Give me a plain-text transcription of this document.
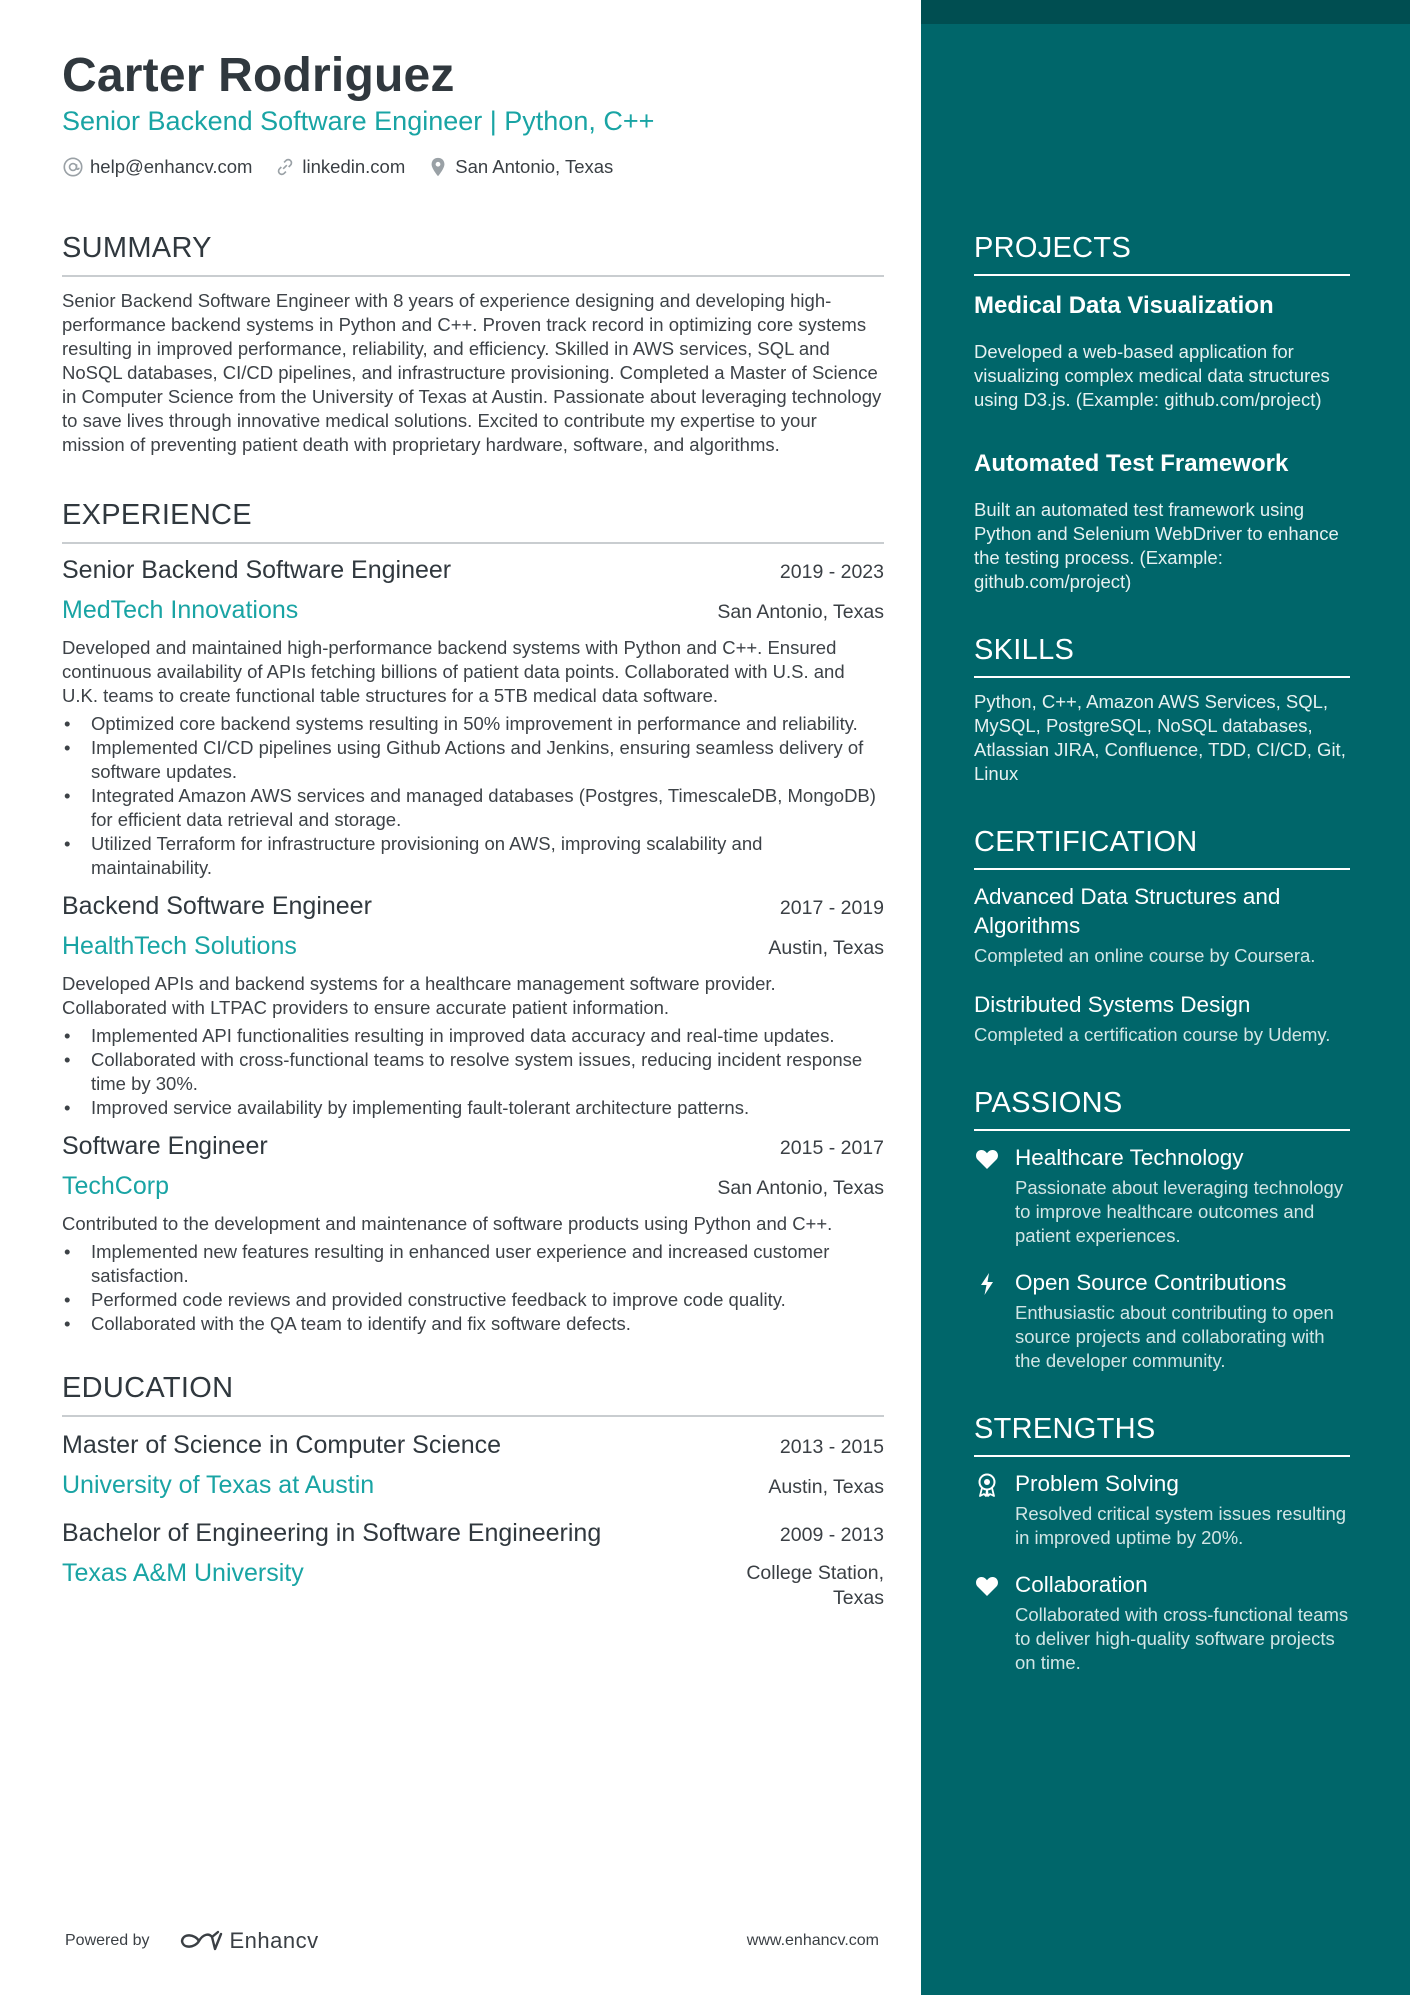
Carter Rodriguez
Senior Backend Software Engineer | Python, C++
help@enhancv.com	linkedin.com	San Antonio, Texas
SUMMARY
Senior Backend Software Engineer with 8 years of experience designing and developing high-performance backend systems in Python and C++. Proven track record in optimizing core systems resulting in improved performance, reliability, and efficiency. Skilled in AWS services, SQL and NoSQL databases, CI/CD pipelines, and infrastructure provisioning. Completed a Master of Science in Computer Science from the University of Texas at Austin. Passionate about leveraging technology to save lives through innovative medical solutions. Excited to contribute my expertise to your mission of preventing patient death with proprietary hardware, software, and algorithms.
EXPERIENCE
Senior Backend Software Engineer	2019 - 2023
MedTech Innovations	San Antonio, Texas
Developed and maintained high-performance backend systems with Python and C++. Ensured continuous availability of APIs fetching billions of patient data points. Collaborated with U.S. and U.K. teams to create functional table structures for a 5TB medical data software.
• Optimized core backend systems resulting in 50% improvement in performance and reliability.
• Implemented CI/CD pipelines using Github Actions and Jenkins, ensuring seamless delivery of software updates.
• Integrated Amazon AWS services and managed databases (Postgres, TimescaleDB, MongoDB) for efficient data retrieval and storage.
• Utilized Terraform for infrastructure provisioning on AWS, improving scalability and maintainability.
Backend Software Engineer	2017 - 2019
HealthTech Solutions	Austin, Texas
Developed APIs and backend systems for a healthcare management software provider. Collaborated with LTPAC providers to ensure accurate patient information.
• Implemented API functionalities resulting in improved data accuracy and real-time updates.
• Collaborated with cross-functional teams to resolve system issues, reducing incident response time by 30%.
• Improved service availability by implementing fault-tolerant architecture patterns.
Software Engineer	2015 - 2017
TechCorp	San Antonio, Texas
Contributed to the development and maintenance of software products using Python and C++.
• Implemented new features resulting in enhanced user experience and increased customer satisfaction.
• Performed code reviews and provided constructive feedback to improve code quality.
• Collaborated with the QA team to identify and fix software defects.
EDUCATION
Master of Science in Computer Science	2013 - 2015
University of Texas at Austin	Austin, Texas
Bachelor of Engineering in Software Engineering	2009 - 2013
Texas A&M University	College Station,
Texas
Powered by	Enhancv	www.enhancv.com
PROJECTS
Medical Data Visualization
Developed a web-based application for visualizing complex medical data structures using D3.js. (Example: github.com/project)
Automated Test Framework
Built an automated test framework using Python and Selenium WebDriver to enhance the testing process. (Example: github.com/project)
SKILLS
Python, C++, Amazon AWS Services, SQL, MySQL, PostgreSQL, NoSQL databases, Atlassian JIRA, Confluence, TDD, CI/CD, Git, Linux
CERTIFICATION
Advanced Data Structures and Algorithms
Completed an online course by Coursera.
Distributed Systems Design
Completed a certification course by Udemy.
PASSIONS
Healthcare Technology
Passionate about leveraging technology to improve healthcare outcomes and patient experiences.
Open Source Contributions
Enthusiastic about contributing to open source projects and collaborating with the developer community.
STRENGTHS
Problem Solving
Resolved critical system issues resulting in improved uptime by 20%.
Collaboration
Collaborated with cross-functional teams to deliver high-quality software projects on time.
